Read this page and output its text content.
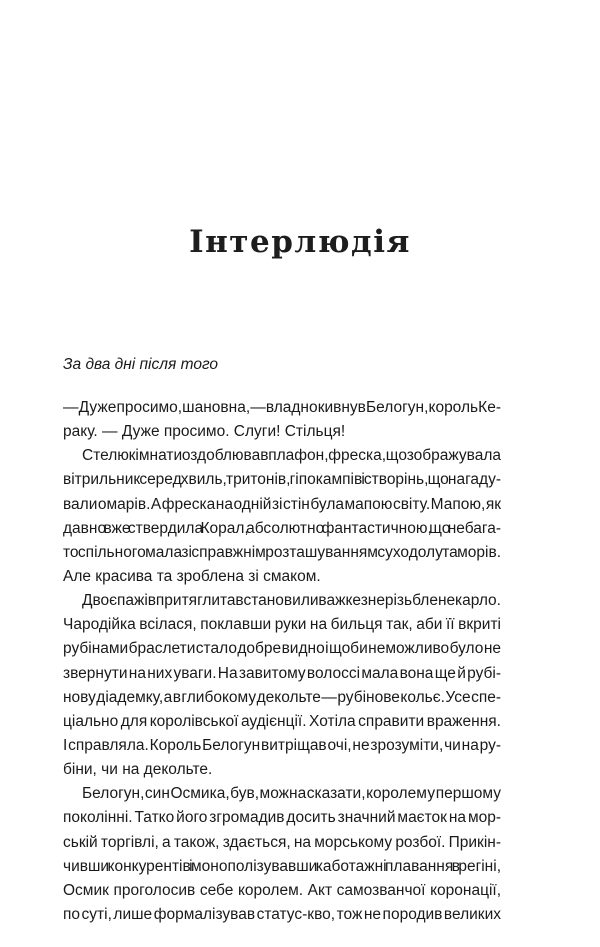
Інтерлюдія

За два дні після того

— Дуже просимо, шановна, — владно кивнув Белогун, король Ке-
раку. — Дуже просимо. Слуги! Стільця!
Стелю кімнати оздоблював плафон, фреска, що зображувала
вітрильник серед хвиль, тритонів, гіпокампів і створінь, що нагаду-
вали омарів. А фреска на одній зі стін була мапою світу. Мапою, як
давно вже ствердила Корал, абсолютно фантастичною, що небага-
то спільного мала зі справжнім розташуванням суходолу та морів.
Але красива та зроблена зі смаком.
Двоє пажів притягли та встановили важкезне різьблене карло.
Чародійка всілася, поклавши руки на бильця так, аби її вкриті
рубінами браслети стало добре видно і щоби неможливо було не
звернути на них уваги. На завитому волоссі мала вона ще й рубі-
нову діадемку, а в глибокому декольте — рубінове кольє. Усе спе-
ціально для королівської аудієнції. Хотіла справити враження.
І справляла. Король Белогун витріщав очі, не зрозуміти, чи на ру-
біни, чи на декольте.
Белогун, син Осмика, був, можна сказати, королем у першому
поколінні. Татко його згромадив досить значний маєток на мор-
ській торгівлі, а також, здається, на морському розбої. Прикін-
чивши конкурентів і монополізувавши каботажні плавання в регіні,
Осмик проголосив себе королем. Акт самозванчої коронації,
по суті, лише формалізував статус-кво, тож не породив великих
